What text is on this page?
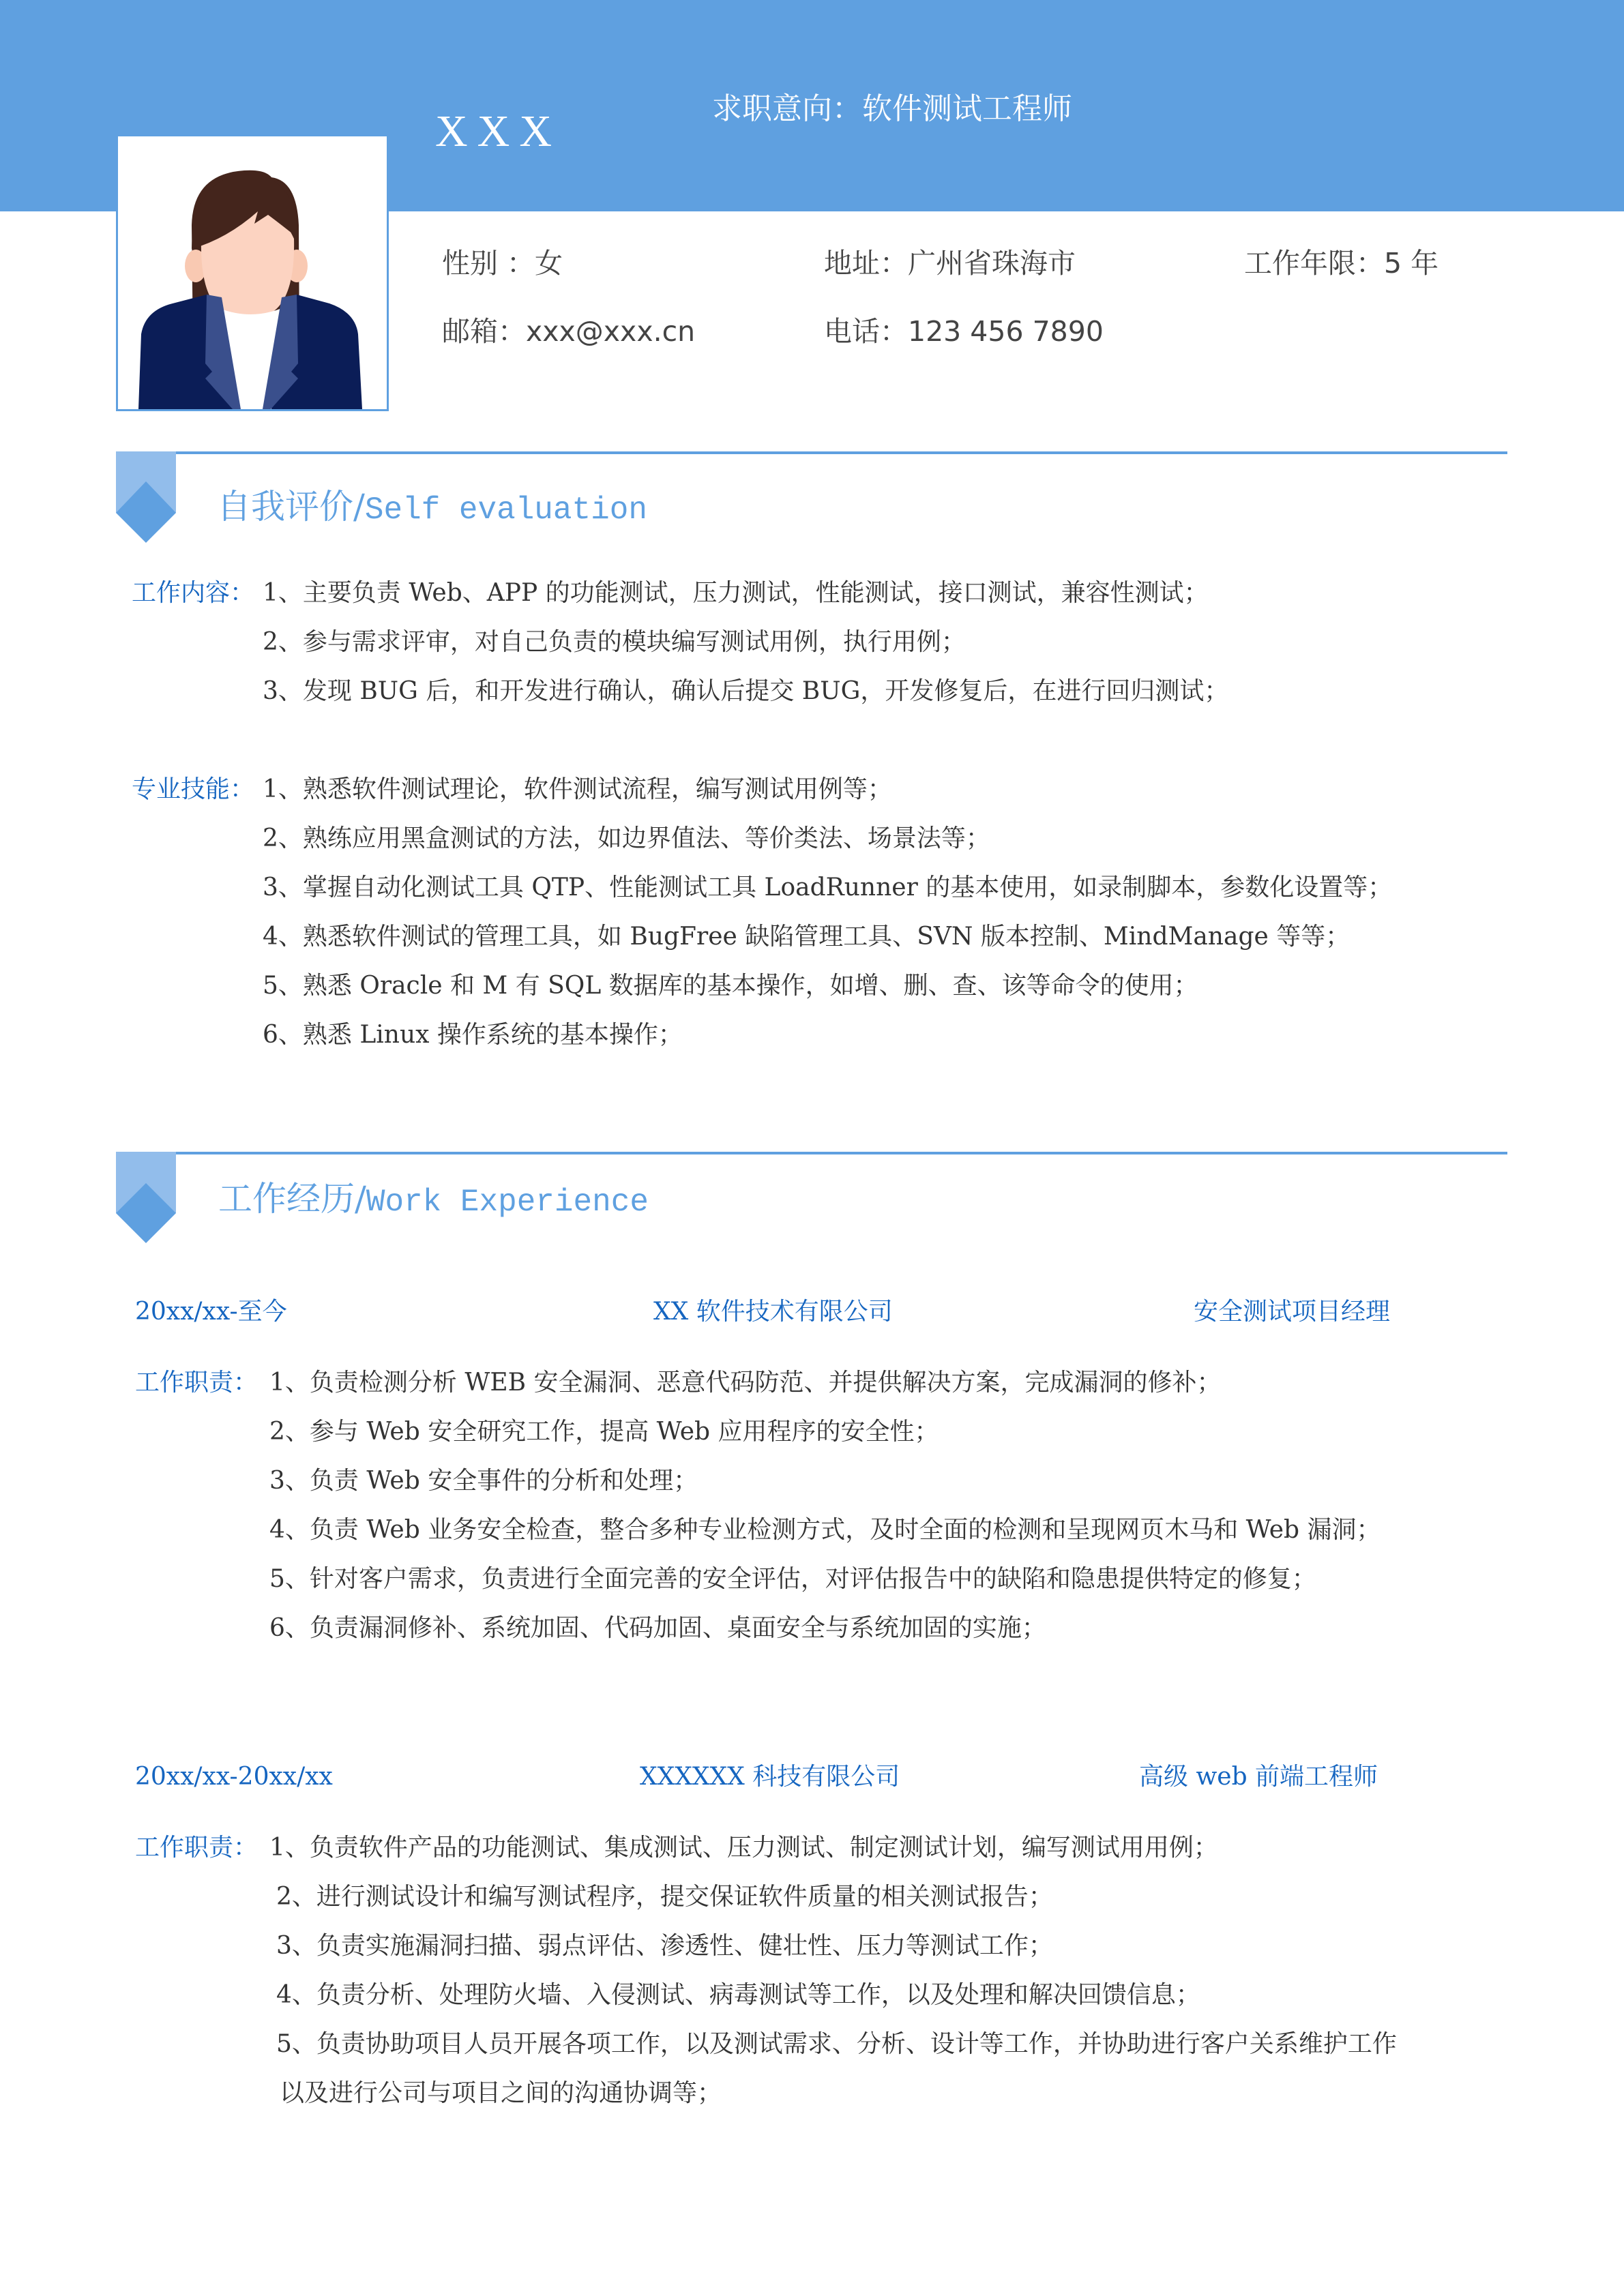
XXX	求职意向：软件测试工程师
性别 ：女	地址：广州省珠海市	工作年限：5 年
邮箱：xxx@xxx.cn	电话：123 456 7890
自我评价/Self evaluation
工作内容： 1、主要负责 Web、APP 的功能测试，压力测试，性能测试，接口测试，兼容性测试；
2、参与需求评审，对自己负责的模块编写测试用例，执行用例；
3、发现 BUG 后，和开发进行确认，确认后提交 BUG，开发修复后，在进行回归测试；
专业技能： 1、熟悉软件测试理论，软件测试流程，编写测试用例等；
2、熟练应用黑盒测试的方法，如边界值法、等价类法、场景法等；
3、掌握自动化测试工具 QTP、性能测试工具 LoadRunner 的基本使用，如录制脚本，参数化设置等；
4、熟悉软件测试的管理工具，如 BugFree 缺陷管理工具、SVN 版本控制、MindManage 等等；
5、熟悉 Oracle 和 M 有 SQL 数据库的基本操作，如增、删、查、该等命令的使用；
6、熟悉 Linux 操作系统的基本操作；
工作经历/Work Experience
20xx/xx-至今	XX 软件技术有限公司	安全测试项目经理
工作职责： 1、负责检测分析 WEB 安全漏洞、恶意代码防范、并提供解决方案，完成漏洞的修补；
2、参与 Web 安全研究工作，提高 Web 应用程序的安全性；
3、负责 Web 安全事件的分析和处理；
4、负责 Web 业务安全检查，整合多种专业检测方式，及时全面的检测和呈现网页木马和 Web 漏洞；
5、针对客户需求，负责进行全面完善的安全评估，对评估报告中的缺陷和隐患提供特定的修复；
6、负责漏洞修补、系统加固、代码加固、桌面安全与系统加固的实施；
20xx/xx-20xx/xx	XXXXXX 科技有限公司	高级 web 前端工程师
工作职责： 1、负责软件产品的功能测试、集成测试、压力测试、制定测试计划，编写测试用用例；
2、进行测试设计和编写测试程序，提交保证软件质量的相关测试报告；
3、负责实施漏洞扫描、弱点评估、渗透性、健壮性、压力等测试工作；
4、负责分析、处理防火墙、入侵测试、病毒测试等工作，以及处理和解决回馈信息；
5、负责协助项目人员开展各项工作，以及测试需求、分析、设计等工作，并协助进行客户关系维护工作
以及进行公司与项目之间的沟通协调等；
